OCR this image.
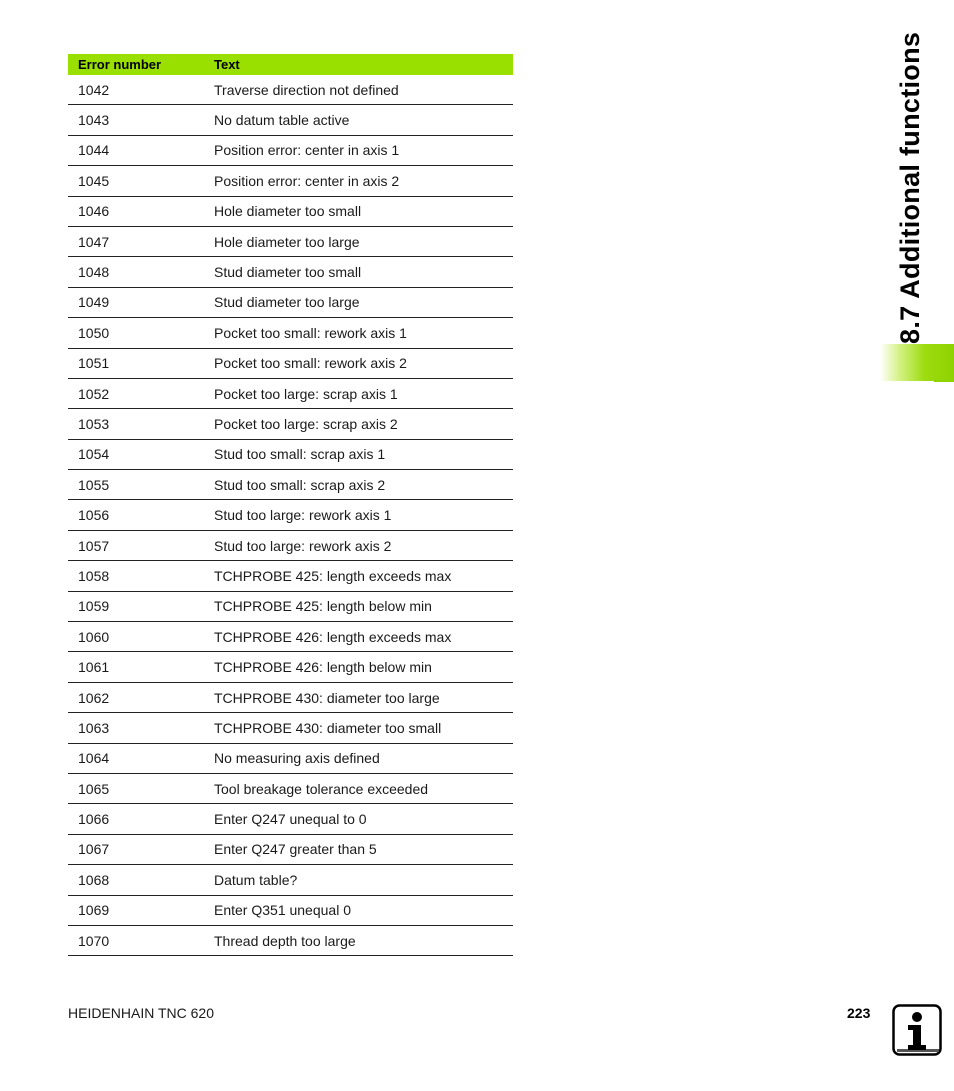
Error number	Text
1042	Traverse direction not defined
1043	No datum table active
1044	Position error: center in axis 1
1045	Position error: center in axis 2
1046	Hole diameter too small
1047	Hole diameter too large
1048	Stud diameter too small
1049	Stud diameter too large
1050	Pocket too small: rework axis 1
1051	Pocket too small: rework axis 2
1052	Pocket too large: scrap axis 1
1053	Pocket too large: scrap axis 2
1054	Stud too small: scrap axis 1
1055	Stud too small: scrap axis 2
1056	Stud too large: rework axis 1
1057	Stud too large: rework axis 2
1058	TCHPROBE 425: length exceeds max
1059	TCHPROBE 425: length below min
1060	TCHPROBE 426: length exceeds max
1061	TCHPROBE 426: length below min
1062	TCHPROBE 430: diameter too large
1063	TCHPROBE 430: diameter too small
1064	No measuring axis defined
1065	Tool breakage tolerance exceeded
1066	Enter Q247 unequal to 0
1067	Enter Q247 greater than 5
1068	Datum table?
1069	Enter Q351 unequal 0
1070	Thread depth too large
8.7 Additional functions
HEIDENHAIN TNC 620	223
